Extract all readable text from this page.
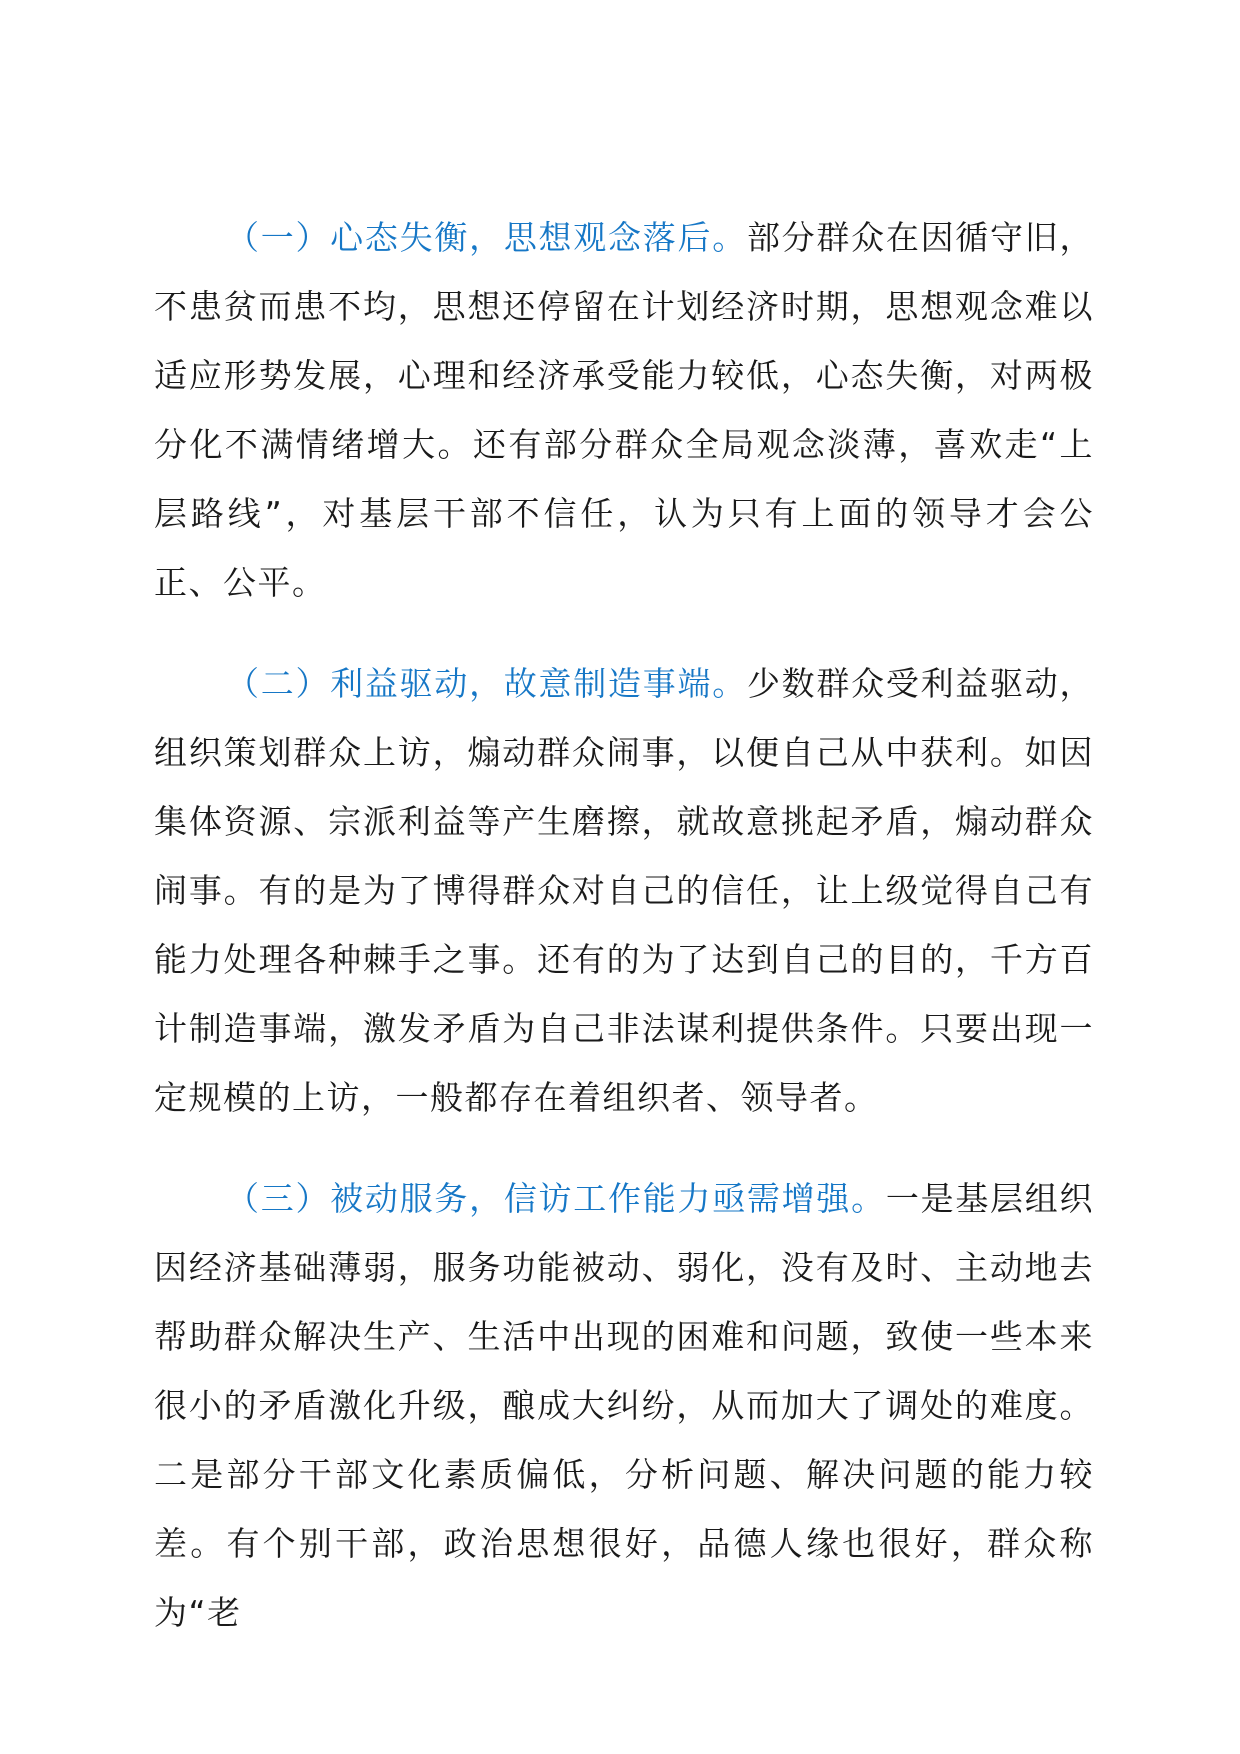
（一）心态失衡，思想观念落后。部分群众在因循守旧，不患贫而患不均，思想还停留在计划经济时期，思想观念难以适应形势发展，心理和经济承受能力较低，心态失衡，对两极分化不满情绪增大。还有部分群众全局观念淡薄，喜欢走“上层路线”，对基层干部不信任，认为只有上面的领导才会公正、公平。

（二）利益驱动，故意制造事端。少数群众受利益驱动，组织策划群众上访，煽动群众闹事，以便自己从中获利。如因集体资源、宗派利益等产生磨擦，就故意挑起矛盾，煽动群众闹事。有的是为了博得群众对自己的信任，让上级觉得自己有能力处理各种棘手之事。还有的为了达到自己的目的，千方百计制造事端，激发矛盾为自己非法谋利提供条件。只要出现一定规模的上访，一般都存在着组织者、领导者。

（三）被动服务，信访工作能力亟需增强。一是基层组织因经济基础薄弱，服务功能被动、弱化，没有及时、主动地去帮助群众解决生产、生活中出现的困难和问题，致使一些本来很小的矛盾激化升级，酿成大纠纷，从而加大了调处的难度。二是部分干部文化素质偏低，分析问题、解决问题的能力较差。有个别干部，政治思想很好，品德人缘也很好，群众称为“老
